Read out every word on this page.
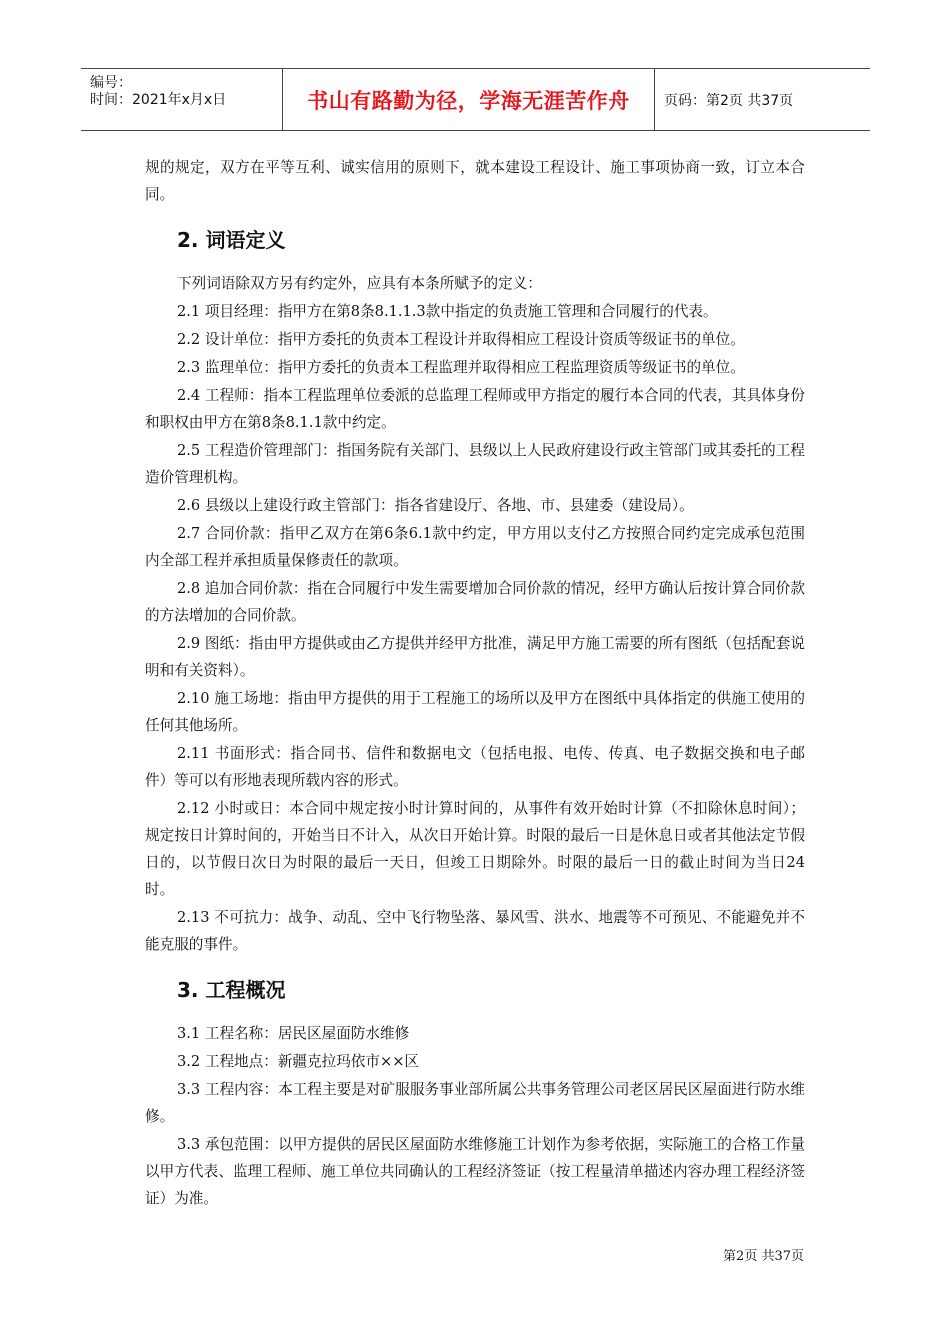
编号：
时间：2021年x月x日	书山有路勤为径，学海无涯苦作舟 页码：第2页 共37页

规的规定，双方在平等互利、诚实信用的原则下，就本建设工程设计、施工事项协商一致，订立本合同。

2. 词语定义

下列词语除双方另有约定外，应具有本条所赋予的定义：

2.1 项目经理：指甲方在第8条8.1.1.3款中指定的负责施工管理和合同履行的代表。

2.2 设计单位：指甲方委托的负责本工程设计并取得相应工程设计资质等级证书的单位。

2.3 监理单位：指甲方委托的负责本工程监理并取得相应工程监理资质等级证书的单位。

2.4 工程师：指本工程监理单位委派的总监理工程师或甲方指定的履行本合同的代表，其具体身份和职权由甲方在第8条8.1.1款中约定。

2.5 工程造价管理部门：指国务院有关部门、县级以上人民政府建设行政主管部门或其委托的工程造价管理机构。

2.6 县级以上建设行政主管部门：指各省建设厅、各地、市、县建委（建设局）。

2.7 合同价款：指甲乙双方在第6条6.1款中约定，甲方用以支付乙方按照合同约定完成承包范围内全部工程并承担质量保修责任的款项。

2.8 追加合同价款：指在合同履行中发生需要增加合同价款的情况，经甲方确认后按计算合同价款的方法增加的合同价款。

2.9 图纸：指由甲方提供或由乙方提供并经甲方批准，满足甲方施工需要的所有图纸（包括配套说明和有关资料）。

2.10 施工场地：指由甲方提供的用于工程施工的场所以及甲方在图纸中具体指定的供施工使用的任何其他场所。

2.11 书面形式：指合同书、信件和数据电文（包括电报、电传、传真、电子数据交换和电子邮件）等可以有形地表现所载内容的形式。

2.12 小时或日：本合同中规定按小时计算时间的，从事件有效开始时计算（不扣除休息时间）；规定按日计算时间的，开始当日不计入，从次日开始计算。时限的最后一日是休息日或者其他法定节假日的，以节假日次日为时限的最后一天日，但竣工日期除外。时限的最后一日的截止时间为当日24时。

2.13 不可抗力：战争、动乱、空中飞行物坠落、暴风雪、洪水、地震等不可预见、不能避免并不能克服的事件。

3. 工程概况

3.1 工程名称：居民区屋面防水维修

3.2 工程地点：新疆克拉玛依市××区

3.3 工程内容：本工程主要是对矿服服务事业部所属公共事务管理公司老区居民区屋面进行防水维修。

3.3 承包范围：以甲方提供的居民区屋面防水维修施工计划作为参考依据，实际施工的合格工作量以甲方代表、监理工程师、施工单位共同确认的工程经济签证（按工程量清单描述内容办理工程经济签证）为准。

第2页 共37页
